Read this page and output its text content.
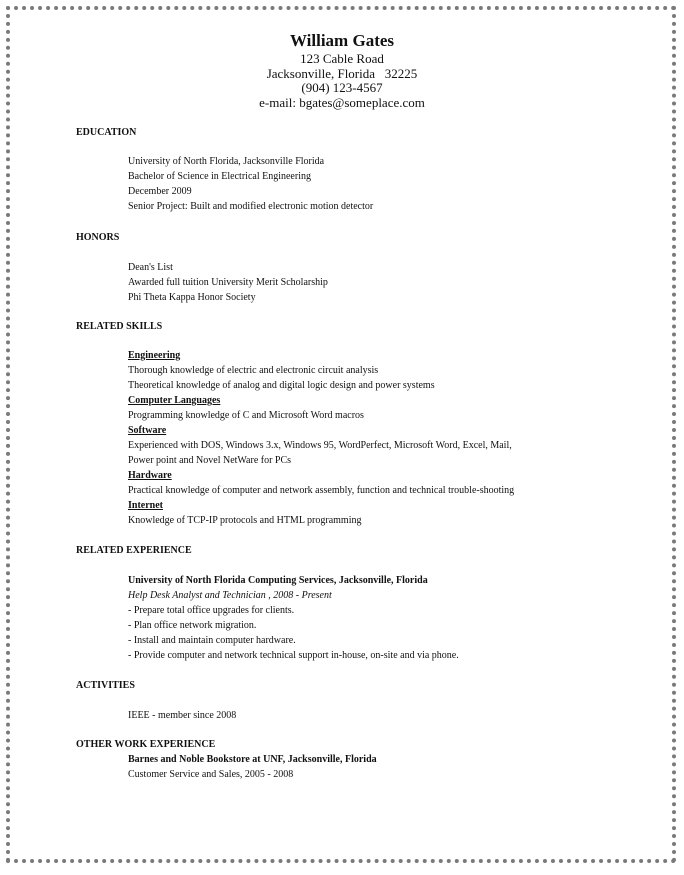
William Gates
123 Cable Road
Jacksonville, Florida   32225
(904) 123-4567
e-mail: bgates@someplace.com
EDUCATION
University of North Florida, Jacksonville Florida
Bachelor of Science in Electrical Engineering
December 2009
Senior Project: Built and modified electronic motion detector
HONORS
Dean's List
Awarded full tuition University Merit Scholarship
Phi Theta Kappa Honor Society
RELATED SKILLS
Engineering
Thorough knowledge of electric and electronic circuit analysis
Theoretical knowledge of analog and digital logic design and power systems
Computer Languages
Programming knowledge of C and Microsoft Word macros
Software
Experienced with DOS, Windows 3.x, Windows 95, WordPerfect, Microsoft Word, Excel, Mail,
Power point and Novel NetWare for PCs
Hardware
Practical knowledge of computer and network assembly, function and technical trouble-shooting
Internet
Knowledge of TCP-IP protocols and HTML programming
RELATED EXPERIENCE
University of North Florida Computing Services, Jacksonville, Florida
Help Desk Analyst and Technician , 2008 - Present
- Prepare total office upgrades for clients.
- Plan office network migration.
- Install and maintain computer hardware.
- Provide computer and network technical support in-house, on-site and via phone.
ACTIVITIES
IEEE - member since 2008
OTHER WORK EXPERIENCE
Barnes and Noble Bookstore at UNF, Jacksonville, Florida
Customer Service and Sales, 2005 - 2008
